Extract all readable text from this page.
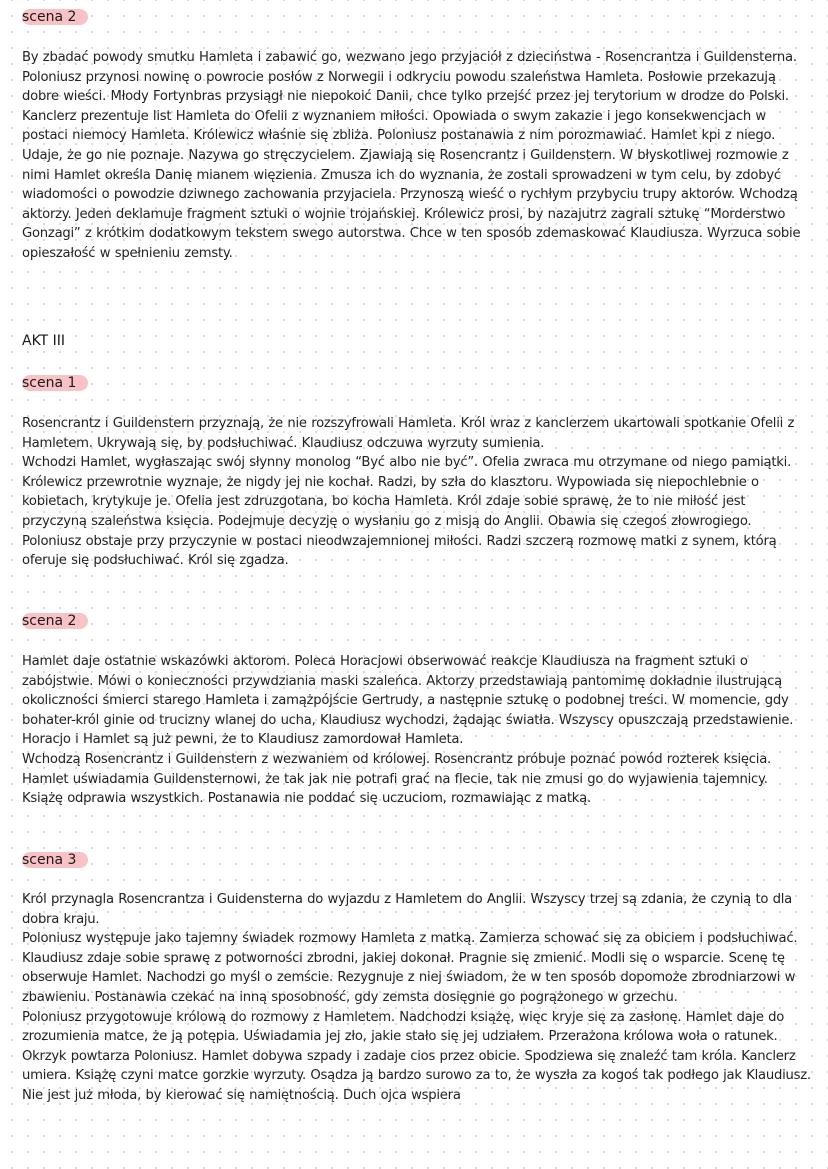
scena 2

By zbadać powody smutku Hamleta i zabawić go, wezwano jego przyjaciół z dzieciństwa - Rosencrantza i Guildensterna. Poloniusz przynosi nowinę o powrocie posłów z Norwegii i odkryciu powodu szaleństwa Hamleta. Posłowie przekazują dobre wieści. Młody Fortynbras przysiągł nie niepokoić Danii, chce tylko przejść przez jej terytorium w drodze do Polski.

Kanclerz prezentuje list Hamleta do Ofelii z wyznaniem miłości. Opowiada o swym zakazie i jego konsekwencjach w postaci niemocy Hamleta. Królewicz właśnie się zbliża. Poloniusz postanawia z nim porozmawiać. Hamlet kpi z niego. Udaje, że go nie poznaje. Nazywa go stręczycielem. Zjawiają się Rosencrantz i Guildenstern. W błyskotliwej rozmowie z nimi Hamlet określa Danię mianem więzienia. Zmusza ich do wyznania, że zostali sprowadzeni w tym celu, by zdobyć wiadomości o powodzie dziwnego zachowania przyjaciela. Przynoszą wieść o rychłym przybyciu trupy aktorów. Wchodzą aktorzy. Jeden deklamuje fragment sztuki o wojnie trojańskiej. Królewicz prosi, by nazajutrz zagrali sztukę “Morderstwo Gonzagi” z krótkim dodatkowym tekstem swego autorstwa. Chce w ten sposób zdemaskować Klaudiusza. Wyrzuca sobie opieszałość w spełnieniu zemsty.

AKT III
scena 1

Rosencrantz i Guildenstern przyznają, że nie rozszyfrowali Hamleta. Król wraz z kanclerzem ukartowali spotkanie Ofelii z Hamletem. Ukrywają się, by podsłuchiwać. Klaudiusz odczuwa wyrzuty sumienia.

Wchodzi Hamlet, wygłaszając swój słynny monolog “Być albo nie być”. Ofelia zwraca mu otrzymane od niego pamiątki. Królewicz przewrotnie wyznaje, że nigdy jej nie kochał. Radzi, by szła do klasztoru. Wypowiada się niepochlebnie o kobietach, krytykuje je. Ofelia jest zdruzgotana, bo kocha Hamleta. Król zdaje sobie sprawę, że to nie miłość jest przyczyną szaleństwa księcia. Podejmuje decyzję o wysłaniu go z misją do Anglii. Obawia się czegoś złowrogiego. Poloniusz obstaje przy przyczynie w postaci nieodwzajemnionej miłości. Radzi szczerą rozmowę matki z synem, którą oferuje się podsłuchiwać. Król się zgadza.

scena 2

Hamlet daje ostatnie wskazówki aktorom. Poleca Horacjowi obserwować reakcje Klaudiusza na fragment sztuki o zabójstwie. Mówi o konieczności przywdziania maski szaleńca. Aktorzy przedstawiają pantomimę dokładnie ilustrującą okoliczności śmierci starego Hamleta i zamążpójście Gertrudy, a następnie sztukę o podobnej treści. W momencie, gdy bohater-król ginie od trucizny wlanej do ucha, Klaudiusz wychodzi, żądając światła. Wszyscy opuszczają przedstawienie. Horacjo i Hamlet są już pewni, że to Klaudiusz zamordował Hamleta.

Wchodzą Rosencrantz i Guildenstern z wezwaniem od królowej. Rosencrantz próbuje poznać powód rozterek księcia. Hamlet uświadamia Guildensternowi, że tak jak nie potrafi grać na flecie, tak nie zmusi go do wyjawienia tajemnicy. Książę odprawia wszystkich. Postanawia nie poddać się uczuciom, rozmawiając z matką.

scena 3

Król przynagla Rosencrantza i Guidensterna do wyjazdu z Hamletem do Anglii. Wszyscy trzej są zdania, że czynią to dla dobra kraju.

Poloniusz występuje jako tajemny świadek rozmowy Hamleta z matką. Zamierza schować się za obiciem i podsłuchiwać. Klaudiusz zdaje sobie sprawę z potworności zbrodni, jakiej dokonał. Pragnie się zmienić. Modli się o wsparcie. Scenę tę obserwuje Hamlet. Nachodzi go myśl o zemście. Rezygnuje z niej świadom, że w ten sposób dopomoże zbrodniarzowi w zbawieniu. Postanawia czekać na inną sposobność, gdy zemsta dosięgnie go pogrążonego w grzechu.

Poloniusz przygotowuje królową do rozmowy z Hamletem. Nadchodzi książę, więc kryje się za zasłonę. Hamlet daje do zrozumienia matce, że ją potępia. Uświadamia jej zło, jakie stało się jej udziałem. Przerażona królowa woła o ratunek. Okrzyk powtarza Poloniusz. Hamlet dobywa szpady i zadaje cios przez obicie. Spodziewa się znaleźć tam króla. Kanclerz umiera. Książę czyni matce gorzkie wyrzuty. Osądza ją bardzo surowo za to, że wyszła za kogoś tak podłego jak Klaudiusz. Nie jest już młoda, by kierować się namiętnością. Duch ojca wspiera
